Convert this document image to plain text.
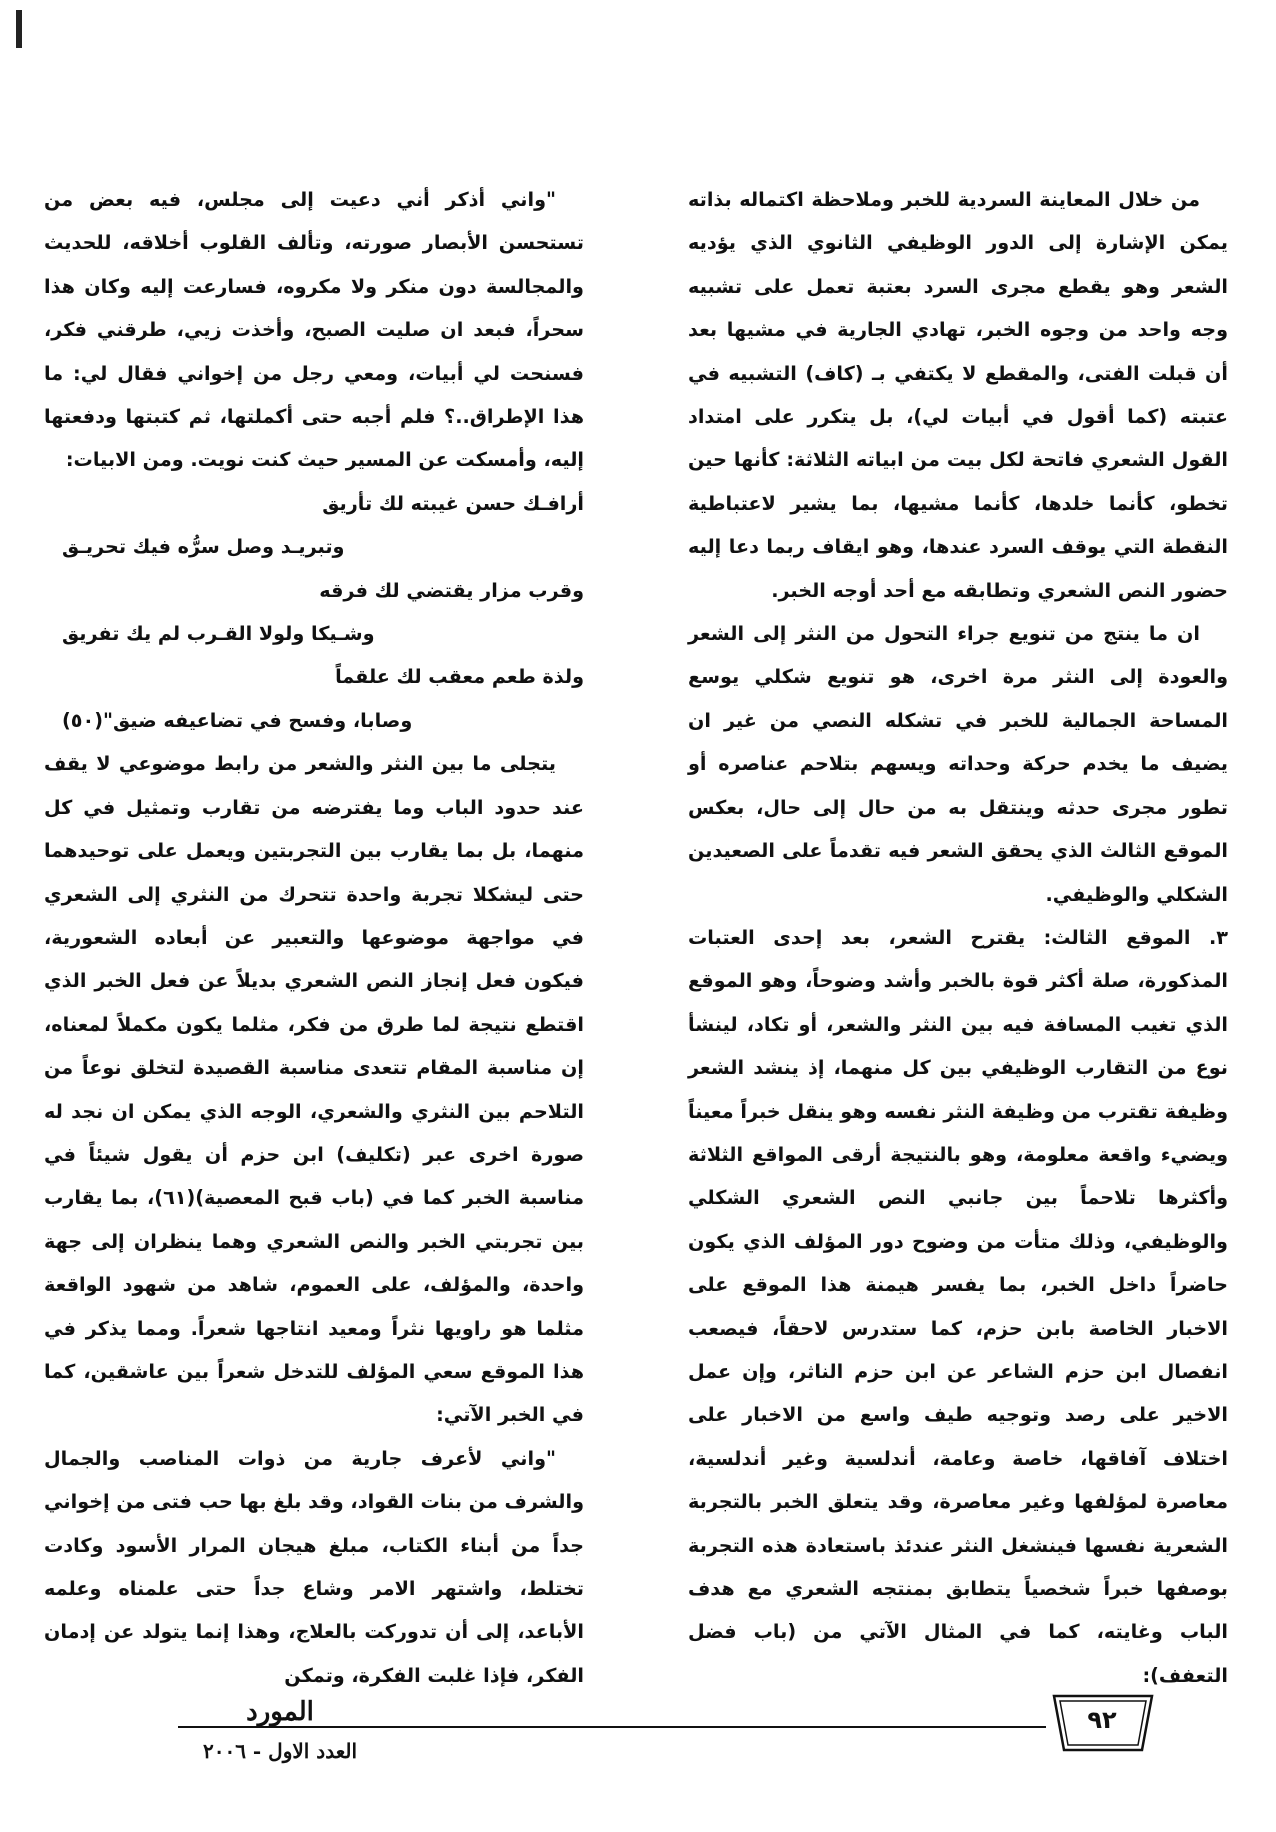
من خلال المعاينة السردية للخبر وملاحظة اكتماله بذاته يمكن الإشارة إلى الدور الوظيفي الثانوي الذي يؤديه الشعر وهو يقطع مجرى السرد بعتبة تعمل على تشبيه وجه واحد من وجوه الخبر، تهادي الجارية في مشيها بعد أن قبلت الفتى، والمقطع لا يكتفي بـ (كاف) التشبيه في عتبته (كما أقول في أبيات لي)، بل يتكرر على امتداد القول الشعري فاتحة لكل بيت من ابياته الثلاثة: كأنها حين تخطو، كأنما خلدها، كأنما مشيها، بما يشير لاعتباطية النقطة التي يوقف السرد عندها، وهو ايقاف ربما دعا إليه حضور النص الشعري وتطابقه مع أحد أوجه الخبر.

ان ما ينتج من تنويع جراء التحول من النثر إلى الشعر والعودة إلى النثر مرة اخرى، هو تنويع شكلي يوسع المساحة الجمالية للخبر في تشكله النصي من غير ان يضيف ما يخدم حركة وحداته ويسهم بتلاحم عناصره أو تطور مجرى حدثه وينتقل به من حال إلى حال، بعكس الموقع الثالث الذي يحقق الشعر فيه تقدماً على الصعيدين الشكلي والوظيفي.

٣. الموقع الثالث: يقترح الشعر، بعد إحدى العتبات المذكورة، صلة أكثر قوة بالخبر وأشد وضوحاً، وهو الموقع الذي تغيب المسافة فيه بين النثر والشعر، أو تكاد، لينشأ نوع من التقارب الوظيفي بين كل منهما، إذ ينشد الشعر وظيفة تقترب من وظيفة النثر نفسه وهو ينقل خبراً معيناً ويضيء واقعة معلومة، وهو بالنتيجة أرقى المواقع الثلاثة وأكثرها تلاحماً بين جانبي النص الشعري الشكلي والوظيفي، وذلك متأت من وضوح دور المؤلف الذي يكون حاضراً داخل الخبر، بما يفسر هيمنة هذا الموقع على الاخبار الخاصة بابن حزم، كما ستدرس لاحقاً، فيصعب انفصال ابن حزم الشاعر عن ابن حزم الناثر، وإن عمل الاخير على رصد وتوجيه طيف واسع من الاخبار على اختلاف آفاقها، خاصة وعامة، أندلسية وغير أندلسية، معاصرة لمؤلفها وغير معاصرة، وقد يتعلق الخبر بالتجربة الشعرية نفسها فينشغل النثر عندئذ باستعادة هذه التجربة بوصفها خبراً شخصياً يتطابق بمنتجه الشعري مع هدف الباب وغايته، كما في المثال الآتي من (باب فضل التعفف):

"واني أذكر أني دعيت إلى مجلس، فيه بعض من تستحسن الأبصار صورته، وتألف القلوب أخلاقه، للحديث والمجالسة دون منكر ولا مكروه، فسارعت إليه وكان هذا سحراً، فبعد ان صليت الصبح، وأخذت زيي، طرقني فكر، فسنحت لي أبيات، ومعي رجل من إخواني فقال لي: ما هذا الإطراق..؟ فلم أجبه حتى أكملتها، ثم كتبتها ودفعتها إليه، وأمسكت عن المسير حيث كنت نويت. ومن الابيات:

أرافـك حسن غيبته لك تأريق
وتبريـد وصل سرُّه فيك تحريـق
وقرب مزار يقتضي لك فرقه
وشـيكا ولولا القـرب لم يك تفريق
ولذة طعم معقب لك علقماً
وصابا، وفسح في تضاعيفه ضيق"(٥٠)

يتجلى ما بين النثر والشعر من رابط موضوعي لا يقف عند حدود الباب وما يفترضه من تقارب وتمثيل في كل منهما، بل بما يقارب بين التجربتين ويعمل على توحيدهما حتى ليشكلا تجربة واحدة تتحرك من النثري إلى الشعري في مواجهة موضوعها والتعبير عن أبعاده الشعورية، فيكون فعل إنجاز النص الشعري بديلاً عن فعل الخبر الذي اقتطع نتيجة لما طرق من فكر، مثلما يكون مكملاً لمعناه، إن مناسبة المقام تتعدى مناسبة القصيدة لتخلق نوعاً من التلاحم بين النثري والشعري، الوجه الذي يمكن ان نجد له صورة اخرى عبر (تكليف) ابن حزم أن يقول شيئاً في مناسبة الخبر كما في (باب قبح المعصية)(٦١)، بما يقارب بين تجربتي الخبر والنص الشعري وهما ينظران إلى جهة واحدة، والمؤلف، على العموم، شاهد من شهود الواقعة مثلما هو راويها نثراً ومعيد انتاجها شعراً. ومما يذكر في هذا الموقع سعي المؤلف للتدخل شعراً بين عاشقين، كما في الخبر الآتي:

"واني لأعرف جارية من ذوات المناصب والجمال والشرف من بنات القواد، وقد بلغ بها حب فتى من إخواني جداً من أبناء الكتاب، مبلغ هيجان المرار الأسود وكادت تختلط، واشتهر الامر وشاع جداً حتى علمناه وعلمه الأباعد، إلى أن تدوركت بالعلاج، وهذا إنما يتولد عن إدمان الفكر، فإذا غلبت الفكرة، وتمكن

٩٢
المورد
العدد الاول - ٢٠٠٦
